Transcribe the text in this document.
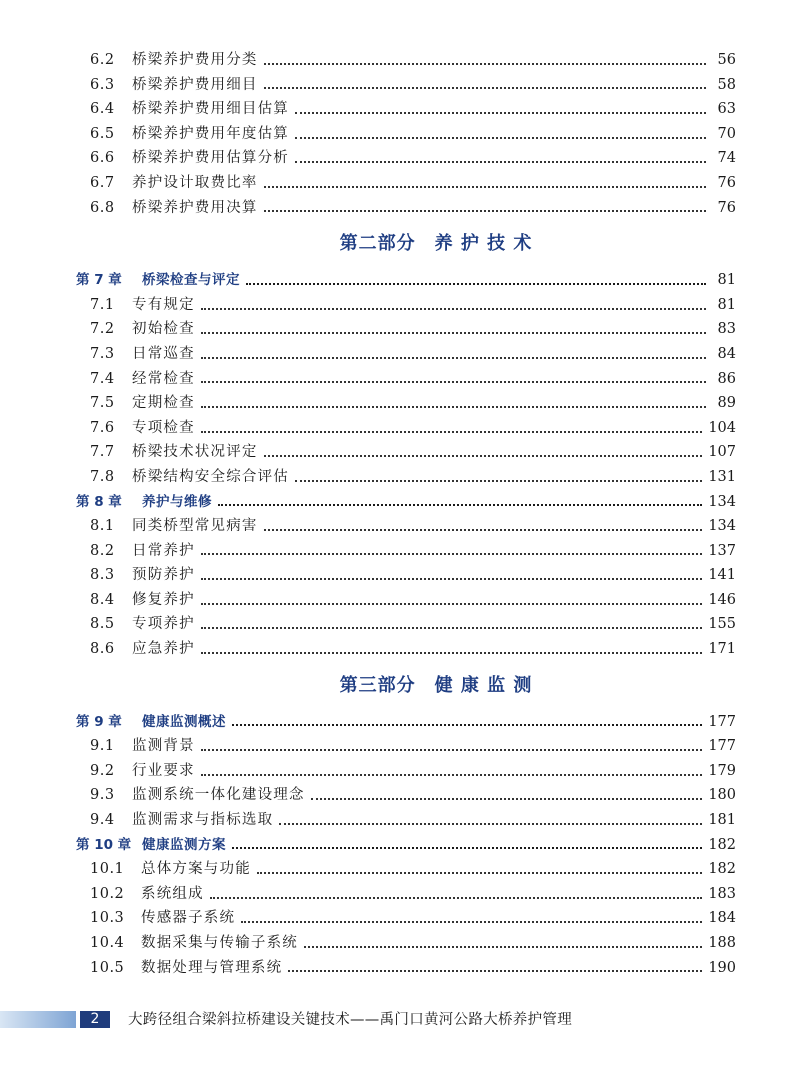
6.2	桥梁养护费用分类	56
6.3	桥梁养护费用细目	58
6.4	桥梁养护费用细目估算	63
6.5	桥梁养护费用年度估算	70
6.6	桥梁养护费用估算分析	74
6.7	养护设计取费比率	76
6.8	桥梁养护费用决算	76
第二部分　养 护 技 术
第 7 章	桥梁检查与评定	81
7.1	专有规定	81
7.2	初始检查	83
7.3	日常巡查	84
7.4	经常检查	86
7.5	定期检查	89
7.6	专项检查	104
7.7	桥梁技术状况评定	107
7.8	桥梁结构安全综合评估	131
第 8 章	养护与维修	134
8.1	同类桥型常见病害	134
8.2	日常养护	137
8.3	预防养护	141
8.4	修复养护	146
8.5	专项养护	155
8.6	应急养护	171
第三部分　健 康 监 测
第 9 章	健康监测概述	177
9.1	监测背景	177
9.2	行业要求	179
9.3	监测系统一体化建设理念	180
9.4	监测需求与指标选取	181
第 10 章 健康监测方案	182
10.1	总体方案与功能	182
10.2	系统组成	183
10.3	传感器子系统	184
10.4	数据采集与传输子系统	188
10.5	数据处理与管理系统	190
2	大跨径组合梁斜拉桥建设关键技术——禹门口黄河公路大桥养护管理
